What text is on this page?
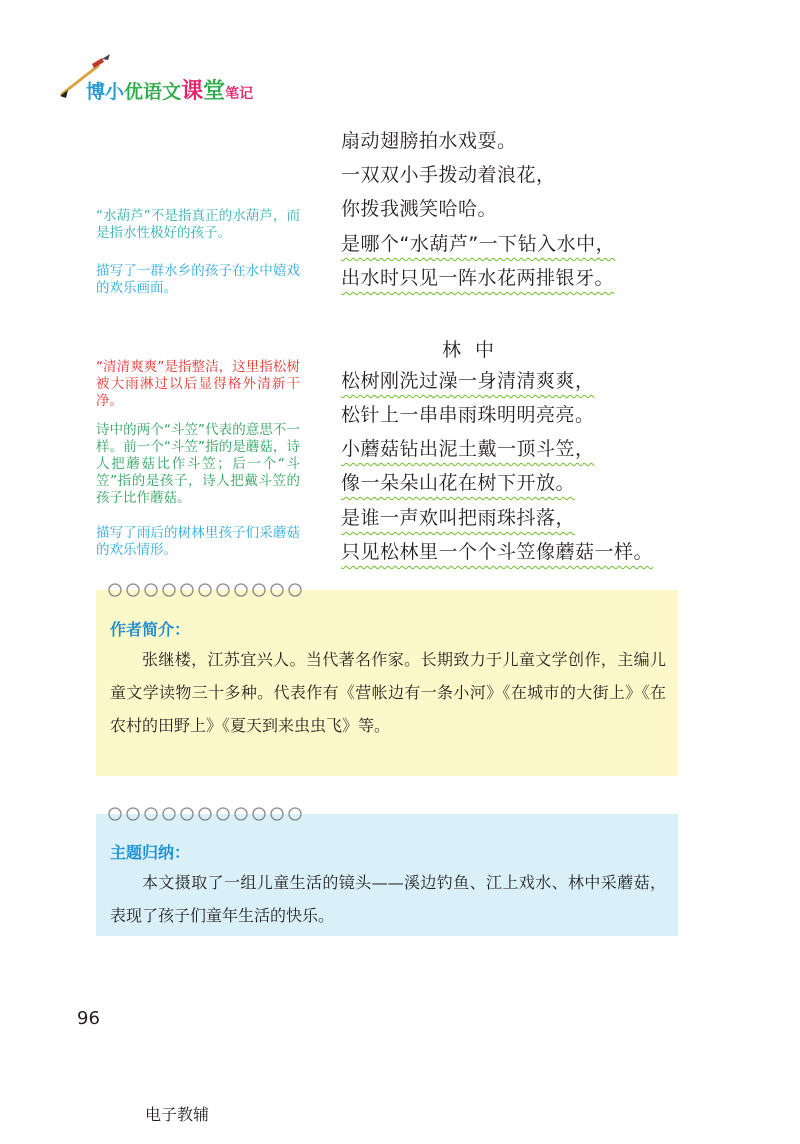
博小优语文课堂笔记
扇动翅膀拍水戏耍。
一双双小手拨动着浪花，
你拨我溅笑哈哈。
是哪个“水葫芦”一下钻入水中，
出水时只见一阵水花两排银牙。
林中
松树刚洗过澡一身清清爽爽，
松针上一串串雨珠明明亮亮。
小蘑菇钻出泥土戴一顶斗笠，
像一朵朵山花在树下开放。
是谁一声欢叫把雨珠抖落，
只见松林里一个个斗笠像蘑菇一样。
“水葫芦”不是指真正的水葫芦，而是指水性极好的孩子。
描写了一群水乡的孩子在水中嬉戏的欢乐画面。
“清清爽爽”是指整洁，这里指松树被大雨淋过以后显得格外清新干净。
诗中的两个“斗笠”代表的意思不一样。前一个“斗笠”指的是蘑菇，诗人把蘑菇比作斗笠；后一个“斗笠”指的是孩子，诗人把戴斗笠的孩子比作蘑菇。
描写了雨后的树林里孩子们采蘑菇的欢乐情形。
作者简介：
张继楼，江苏宜兴人。当代著名作家。长期致力于儿童文学创作，主编儿童文学读物三十多种。代表作有《营帐边有一条小河》《在城市的大街上》《在农村的田野上》《夏天到来虫虫飞》等。
主题归纳：
本文摄取了一组儿童生活的镜头——溪边钓鱼、江上戏水、林中采蘑菇，表现了孩子们童年生活的快乐。
96
电子教辅
